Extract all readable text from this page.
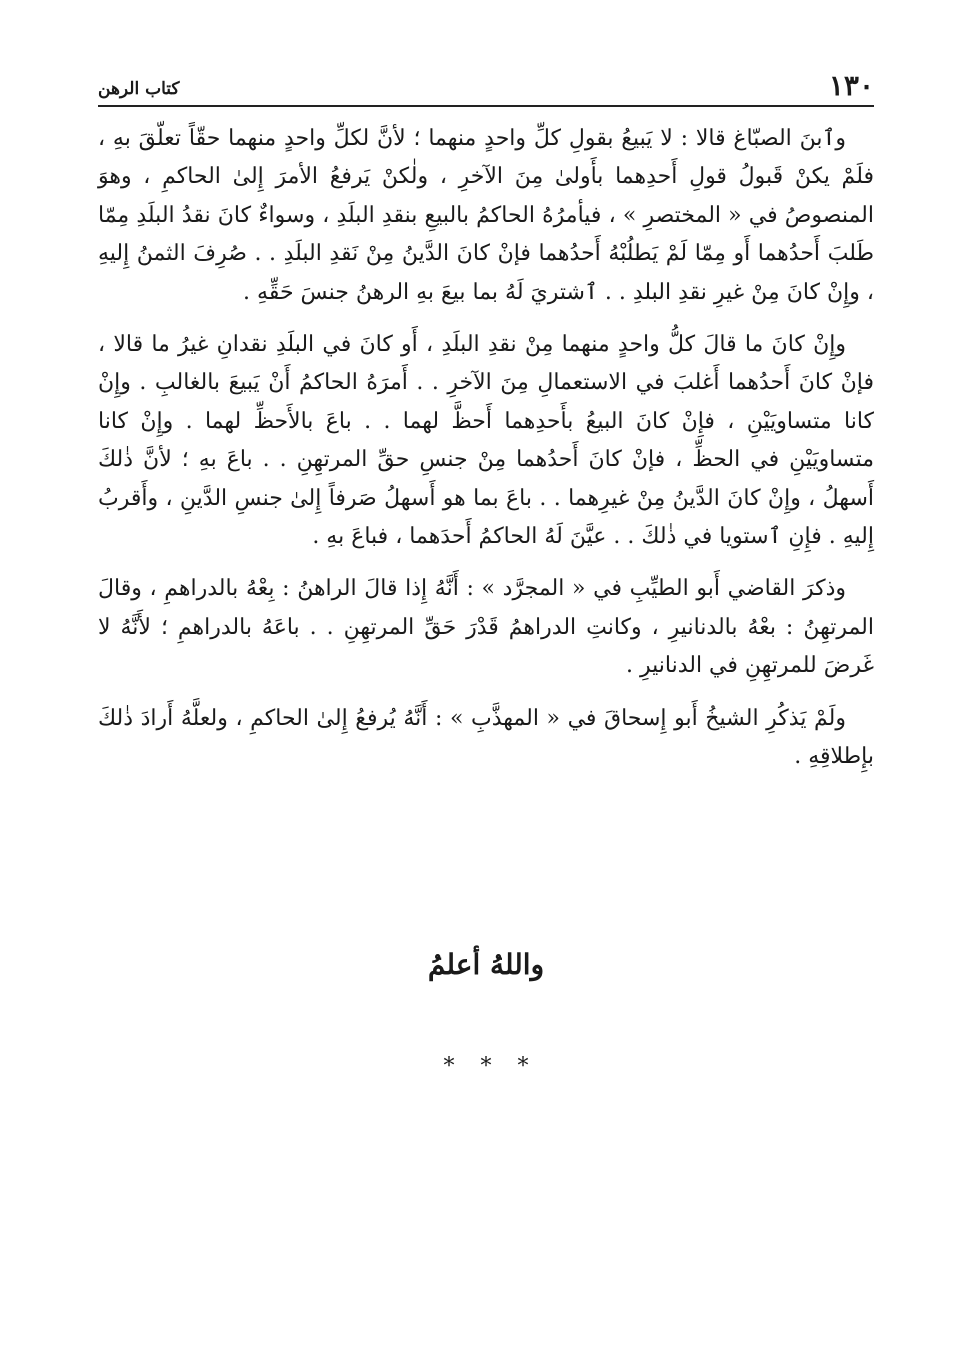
١٣٠
كتاب الرهن

وٱبنَ الصبّاغ قالا : لا يَبيعُ بقولِ كلِّ واحدٍ منهما ؛ لأنَّ لكلِّ واحدٍ منهما حقّاً تعلّقَ بهِ ، فلَمْ يكنْ قَبولُ قولِ أَحدِهما بأَولىٰ مِنَ الآخرِ ، ولٰكنْ يَرفعُ الأمرَ إِلىٰ الحاكمِ ، وهوَ المنصوصُ في « المختصرِ » ، فيأمرُهُ الحاكمُ بالبيعِ بنقدِ البلَدِ ، وسواءٌ كانَ نقدُ البلَدِ مِمّا طَلبَ أَحدُهما أَو مِمّا لَمْ يَطلُبْهُ أَحدُهما فإنْ كانَ الدَّينُ مِنْ نَقدِ البلَدِ . . صُرِفَ الثمنُ إِليهِ ، وإِنْ كانَ مِنْ غيرِ نقدِ البلدِ . . ٱشتريَ لَهُ بما بيعَ بهِ الرهنُ جنسَ حَقِّهِ .

وإِنْ كانَ ما قالَ كلُّ واحدٍ منهما مِنْ نقدِ البلَدِ ، أَو كانَ في البلَدِ نقدانِ غيرُ ما قالا ، فإنْ كانَ أَحدُهما أَغلبَ في الاستعمالِ مِنَ الآخرِ . . أَمرَهُ الحاكمُ أَنْ يَبيعَ بالغالبِ . وإِنْ كانا متساويَيْنِ ، فإِنْ كانَ البيعُ بأَحدِهما أَحظَّ لهما . . باعَ بالأَحظِّ لهما . وإِنْ كانا متساويَيْنِ في الحظِّ ، فإنْ كانَ أَحدُهما مِنْ جنسِ حقِّ المرتهِنِ . . باعَ بهِ ؛ لأنَّ ذٰلكَ أَسهلُ ، وإِنْ كانَ الدَّينُ مِنْ غيرِهما . . باعَ بما هو أَسهلُ صَرفاً إِلىٰ جنسِ الدَّينِ ، وأَقربُ إِليهِ . فإِنِ ٱستويا في ذٰلكَ . . عيَّنَ لَهُ الحاكمُ أَحدَهما ، فباعَ بهِ .

وذكرَ القاضي أَبو الطيِّبِ في « المجرَّد » : أَنَّهُ إِذا قالَ الراهنُ : بِعْهُ بالدراهمِ ، وقالَ المرتهِنُ : بعْهُ بالدنانيرِ ، وكانتِ الدراهمُ قَدْرَ حَقِّ المرتهِنِ . . باعَهُ بالدراهمِ ؛ لأَنَّهُ لا غَرضَ للمرتهِنِ في الدنانيرِ .

ولَمْ يَذكُرِ الشيخُ أَبو إِسحاقَ في « المهذَّبِ » : أَنَّهُ يُرفعُ إِلىٰ الحاكمِ ، ولعلَّهُ أَرادَ ذٰلكَ بإِطلاقِهِ .

واللهُ أعلمُ
***
